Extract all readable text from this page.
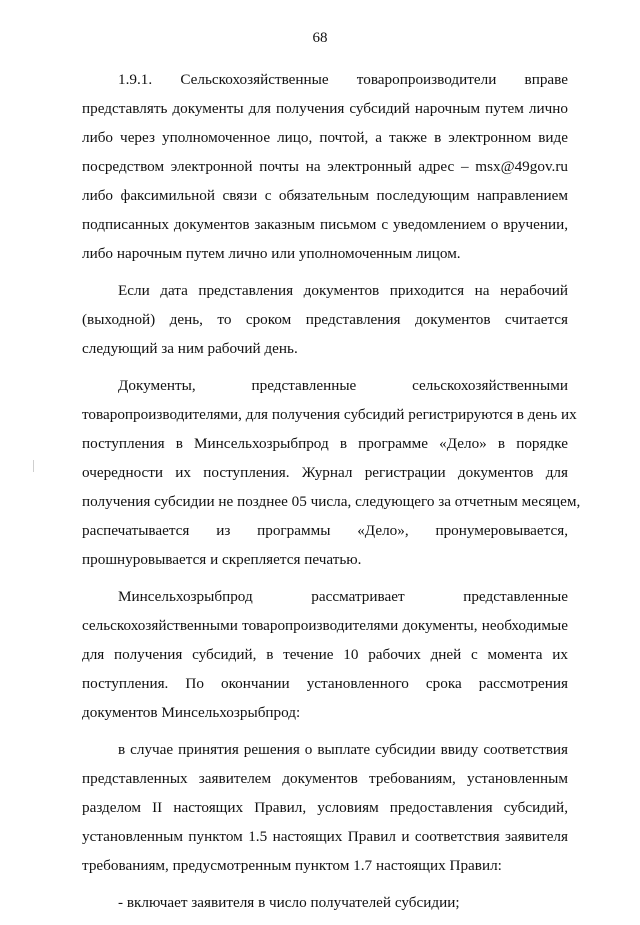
68

1.9.1. Сельскохозяйственные товаропроизводители вправе
представлять документы для получения субсидий нарочным путем лично
либо через уполномоченное лицо, почтой, а также в электронном виде
посредством электронной почты на электронный адрес – msx@49gov.ru
либо факсимильной связи с обязательным последующим направлением
подписанных документов заказным письмом с уведомлением о вручении,
либо нарочным путем лично или уполномоченным лицом.

Если дата представления документов приходится на нерабочий
(выходной) день, то сроком представления документов считается
следующий за ним рабочий день.

Документы, представленные сельскохозяйственными
товаропроизводителями, для получения субсидий регистрируются в день их
поступления в Минсельхозрыбпрод в программе «Дело» в порядке
очередности их поступления. Журнал регистрации документов для
получения субсидии не позднее 05 числа, следующего за отчетным месяцем,
распечатывается из программы «Дело», пронумеровывается,
прошнуровывается и скрепляется печатью.

Минсельхозрыбпрод рассматривает представленные
сельскохозяйственными товаропроизводителями документы, необходимые
для получения субсидий, в течение 10 рабочих дней с момента их
поступления. По окончании установленного срока рассмотрения
документов Минсельхозрыбпрод:

в случае принятия решения о выплате субсидии ввиду соответствия
представленных заявителем документов требованиям, установленным
разделом II настоящих Правил, условиям предоставления субсидий,
установленным пунктом 1.5 настоящих Правил и соответствия заявителя
требованиям, предусмотренным пунктом 1.7 настоящих Правил:

- включает заявителя в число получателей субсидии;
